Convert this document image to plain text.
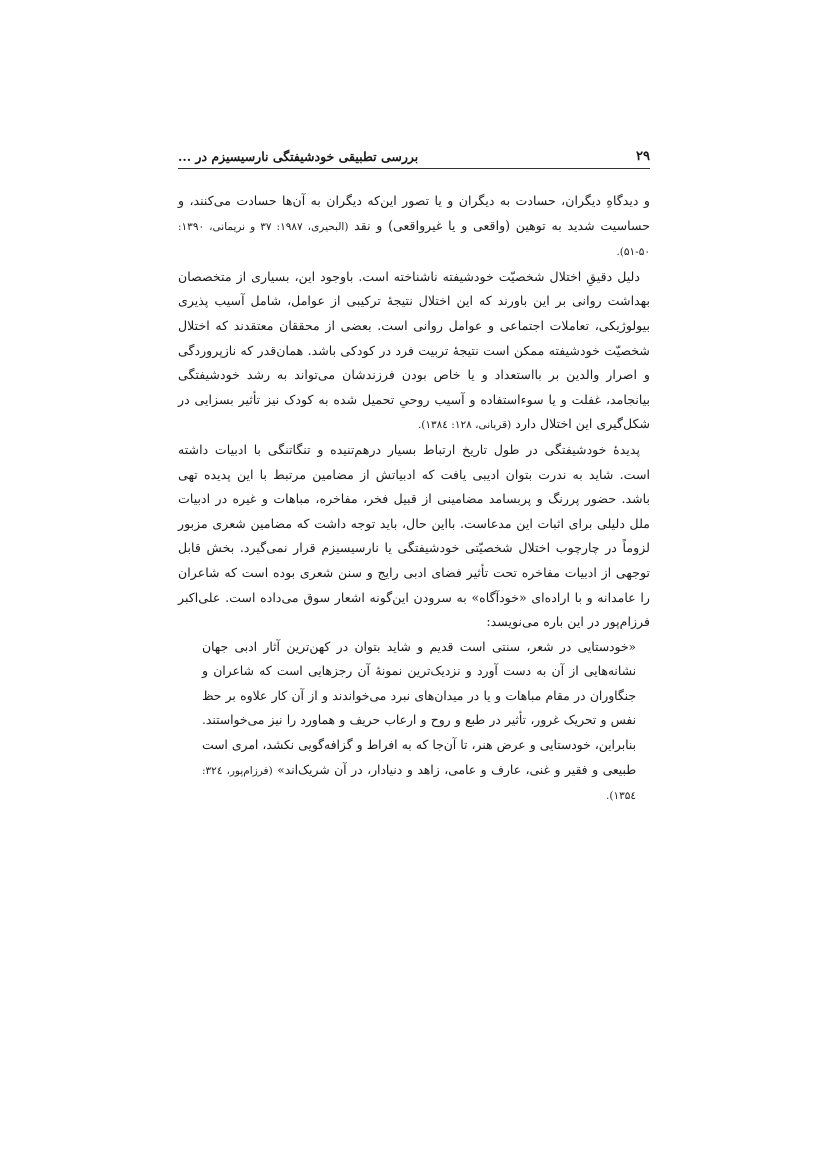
۲۹
بررسی تطبیقی خودشیفتگی نارسیسیزم در ...

و دیدگاهِ دیگران، حسادت به دیگران و یا تصور این‌که دیگران به آن‌ها حسادت می‌کنند، و حساسیت شدید به توهین (واقعی و یا غیرواقعی) و نقد (البحیری، ۱۹۸۷: ۳۷ و نریمانی، ۱۳۹۰: ۵۰-۵۱).

دلیل دقیقِ اختلال شخصیّت خودشیفته ناشناخته است. باوجود این، بسیاری از متخصصان بهداشت روانی بر این باورند که این اختلال نتیجهٔ ترکیبی از عوامل، شامل آسیب پذیری بیولوژیکی، تعاملات اجتماعی و عوامل روانی است. بعضی از محققان معتقدند که اختلال شخصیّت خودشیفته ممکن است نتیجهٔ تربیت فرد در کودکی باشد. همان‌قدر که نازپروردگی و اصرار والدین بر بااستعداد و یا خاص بودن فرزندشان می‌تواند به رشد خودشیفتگی بیانجامد، غفلت و یا سوءاستفاده و آسیب روحیِ تحمیل شده به کودک نیز تأثیر بسزایی در شکل‌گیری این اختلال دارد (قربانی، ۱۲۸: ۱۳۸٤).

پدیدهٔ خودشیفتگی در طول تاریخ ارتباط بسیار درهم‌تنیده و تنگاتنگی با ادبیات داشته است. شاید به ندرت بتوان ادیبی یافت که ادبیاتش از مضامین مرتبط با این پدیده تهی باشد. حضور پررنگ و پربسامد مضامینی از قبیل فخر، مفاخره، مباهات و غیره در ادبیات ملل دلیلی برای اثبات این مدعاست. بااین حال، باید توجه داشت که مضامین شعری مزبور لزوماً در چارچوب اختلال شخصیّتی خودشیفتگی یا نارسیسیزم قرار نمی‌گیرد. بخش قابل توجهی از ادبیات مفاخره تحت تأثیر فضای ادبی رایج و سنن شعری بوده است که شاعران را عامدانه و با اراده‌ای «خودآگاه» به سرودن این‌گونه اشعار سوق می‌داده است. علی‌اکبر فرزام‌پور در این باره می‌نویسد:

«خودستایی در شعر، سنتی است قدیم و شاید بتوان در کهن‌ترین آثار ادبی جهان نشانه‌هایی از آن به دست آورد و نزدیک‌ترین نمونهٔ آن رجزهایی است که شاعران و جنگاوران در مقام مباهات و یا در میدان‌های نبرد می‌خواندند و از آن کار علاوه بر حظ نفس و تحریک غرور، تأثیر در طبع و روح و ارعاب حریف و هماورد را نیز می‌خواستند. بنابراین، خودستایی و عرض هنر، تا آن‌جا که به افراط و گزافه‌گویی نکشد، امری است طبیعی و فقیر و غنی، عارف و عامی، زاهد و دنیادار، در آن شریک‌اند» (فرزام‌پور، ۳۲٤: ۱۳۵٤).
